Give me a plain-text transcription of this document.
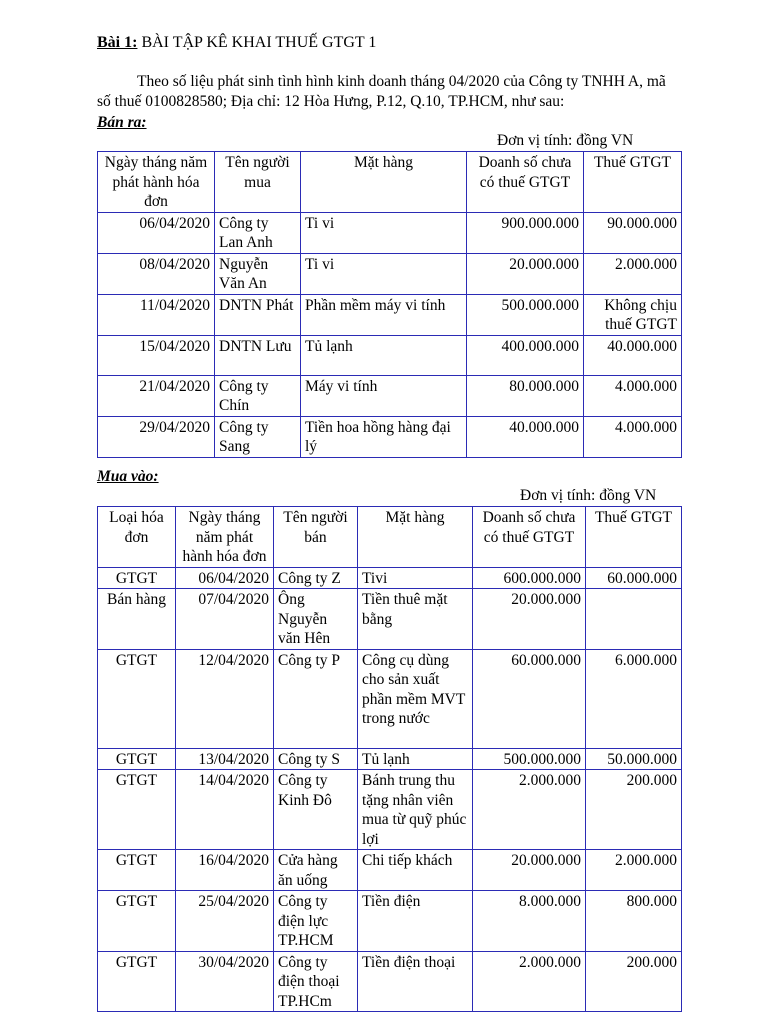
Bài 1: BÀI TẬP KÊ KHAI THUẾ GTGT 1

Theo số liệu phát sinh tình hình kinh doanh tháng 04/2020 của Công ty TNHH A, mã số thuế 0100828580; Địa chỉ: 12 Hòa Hưng, P.12, Q.10, TP.HCM, như sau:

Bán ra:
Đơn vị tính: đồng VN
Ngày tháng năm phát hành hóa đơn	Tên người mua	Mặt hàng	Doanh số chưa có thuế GTGT	Thuế GTGT
06/04/2020	Công ty Lan Anh	Ti vi	900.000.000	90.000.000
08/04/2020	Nguyễn Văn An	Ti vi	20.000.000	2.000.000
11/04/2020	DNTN Phát	Phần mềm máy vi tính	500.000.000	Không chịu thuế GTGT
15/04/2020	DNTN Lưu	Tủ lạnh	400.000.000	40.000.000
21/04/2020	Công ty Chín	Máy vi tính	80.000.000	4.000.000
29/04/2020	Công ty Sang	Tiền hoa hồng hàng đại lý	40.000.000	4.000.000
Mua vào:
Đơn vị tính: đồng VN
Loại hóa đơn	Ngày tháng năm phát hành hóa đơn	Tên người bán	Mặt hàng	Doanh số chưa có thuế GTGT	Thuế GTGT
GTGT	06/04/2020	Công ty Z	Tivi	600.000.000	60.000.000
Bán hàng	07/04/2020	Ông Nguyễn văn Hên	Tiền thuê mặt bằng	20.000.000	
GTGT	12/04/2020	Công ty P	Công cụ dùng cho sản xuất phần mềm MVT trong nước	60.000.000	6.000.000
GTGT	13/04/2020	Công ty S	Tủ lạnh	500.000.000	50.000.000
GTGT	14/04/2020	Công ty Kinh Đô	Bánh trung thu tặng nhân viên mua từ quỹ phúc lợi	2.000.000	200.000
GTGT	16/04/2020	Cửa hàng ăn uống	Chi tiếp khách	20.000.000	2.000.000
GTGT	25/04/2020	Công ty điện lực TP.HCM	Tiền điện	8.000.000	800.000
GTGT	30/04/2020	Công ty điện thoại TP.HCm	Tiền điện thoại	2.000.000	200.000
